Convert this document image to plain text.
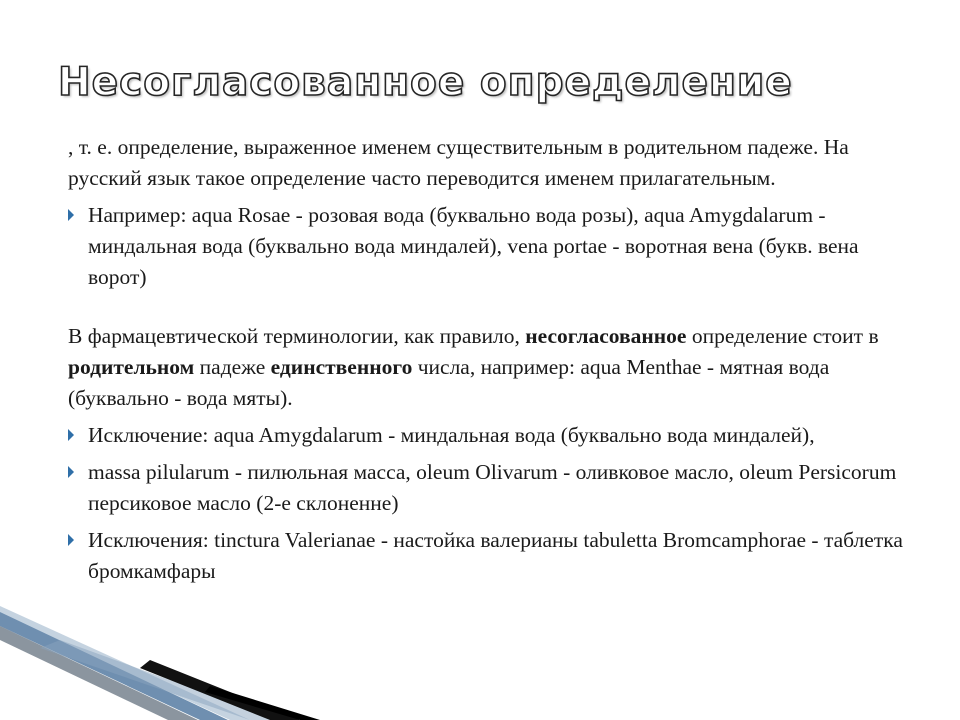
Несогласованное определение

, т. е. определение, выраженное именем существительным в родительном падеже. На русский язык такое определение часто переводится именем прилагательным.

Например: aqua Rosae - розовая вода (буквально вода розы), aqua Amygdalarum - миндальная вода (буквально вода миндалей), vena portae - воротная вена (букв. вена ворот)

В фармацевтической терминологии, как правило, несогласованное определение стоит в родительном падеже единственного числа, например: aqua Menthae - мятная вода (буквально - вода мяты).

Исключение: aqua Amygdalarum - миндальная вода (буквально вода миндалей),
massa pilularum - пилюльная масса, oleum Olivarum - оливковое масло, oleum Persicorum персиковое масло (2-е склоненне)
Исключения: tinctura Valerianae - настойка валерианы tabuletta Bromcamphorae - таблетка бромкамфары
